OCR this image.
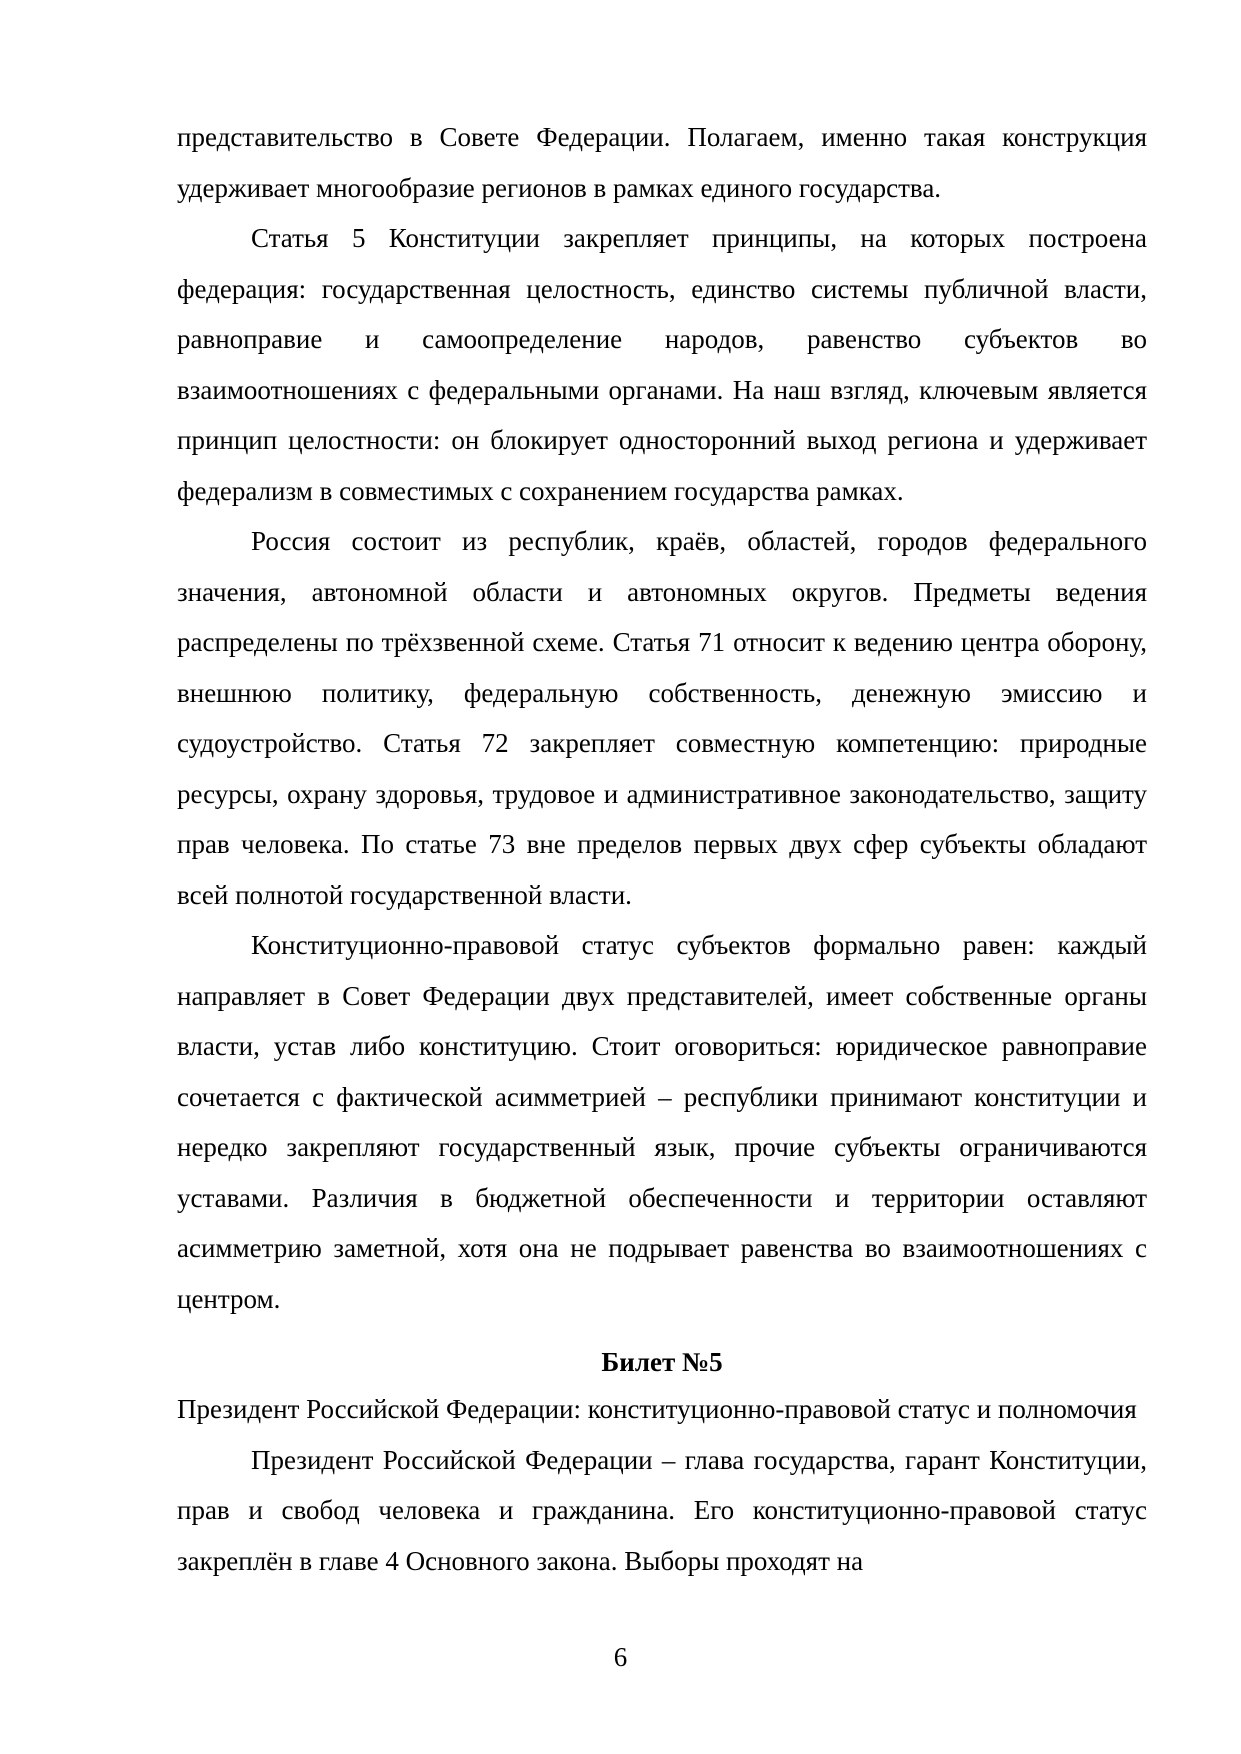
представительство в Совете Федерации. Полагаем, именно такая конструкция удерживает многообразие регионов в рамках единого государства.

Статья 5 Конституции закрепляет принципы, на которых построена федерация: государственная целостность, единство системы публичной власти, равноправие и самоопределение народов, равенство субъектов во взаимоотношениях с федеральными органами. На наш взгляд, ключевым является принцип целостности: он блокирует односторонний выход региона и удерживает федерализм в совместимых с сохранением государства рамках.

Россия состоит из республик, краёв, областей, городов федерального значения, автономной области и автономных округов. Предметы ведения распределены по трёхзвенной схеме. Статья 71 относит к ведению центра оборону, внешнюю политику, федеральную собственность, денежную эмиссию и судоустройство. Статья 72 закрепляет совместную компетенцию: природные ресурсы, охрану здоровья, трудовое и административное законодательство, защиту прав человека. По статье 73 вне пределов первых двух сфер субъекты обладают всей полнотой государственной власти.

Конституционно-правовой статус субъектов формально равен: каждый направляет в Совет Федерации двух представителей, имеет собственные органы власти, устав либо конституцию. Стоит оговориться: юридическое равноправие сочетается с фактической асимметрией – республики принимают конституции и нередко закрепляют государственный язык, прочие субъекты ограничиваются уставами. Различия в бюджетной обеспеченности и территории оставляют асимметрию заметной, хотя она не подрывает равенства во взаимоотношениях с центром.

Билет №5

Президент Российской Федерации: конституционно-правовой статус и полномочия

Президент Российской Федерации – глава государства, гарант Конституции, прав и свобод человека и гражданина. Его конституционно-правовой статус закреплён в главе 4 Основного закона. Выборы проходят на

6
